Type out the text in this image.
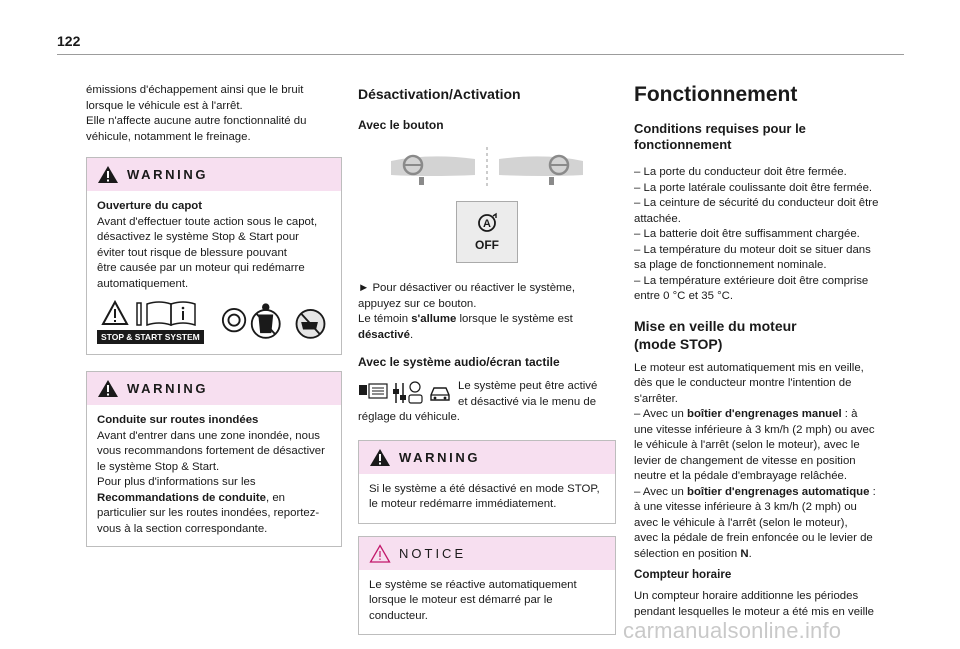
122

émissions d'échappement ainsi que le bruit
lorsque le véhicule est à l'arrêt.
Elle n'affecte aucune autre fonctionnalité du
véhicule, notamment le freinage.

WARNING

Ouverture du capot
Avant d'effectuer toute action sous le capot,
désactivez le système Stop & Start pour
éviter tout risque de blessure pouvant
être causée par un moteur qui redémarre
automatiquement.

STOP & START SYSTEM
WARNING

Conduite sur routes inondées
Avant d'entrer dans une zone inondée, nous
vous recommandons fortement de désactiver
le système Stop & Start.
Pour plus d'informations sur les
Recommandations de conduite, en
particulier sur les routes inondées, reportez-
vous à la section correspondante.

Désactivation/Activation
Avec le bouton
A
OFF

► Pour désactiver ou réactiver le système,
appuyez sur ce bouton.
Le témoin s'allume lorsque le système est
désactivé.

Avec le système audio/écran tactile

Le système peut être activé
et désactivé via le menu de

réglage du véhicule.

WARNING

Si le système a été désactivé en mode STOP,
le moteur redémarre immédiatement.

NOTICE

Le système se réactive automatiquement
lorsque le moteur est démarré par le
conducteur.

Fonctionnement
Conditions requises pour le
fonctionnement

– La porte du conducteur doit être fermée.
– La porte latérale coulissante doit être fermée.
– La ceinture de sécurité du conducteur doit être
attachée.
– La batterie doit être suffisamment chargée.
– La température du moteur doit se situer dans
sa plage de fonctionnement nominale.
– La température extérieure doit être comprise
entre 0 °C et 35 °C.

Mise en veille du moteur
(mode STOP)

Le moteur est automatiquement mis en veille,
dès que le conducteur montre l'intention de
s'arrêter.
– Avec un boîtier d'engrenages manuel : à
une vitesse inférieure à 3 km/h (2 mph) ou avec
le véhicule à l'arrêt (selon le moteur), avec le
levier de changement de vitesse en position
neutre et la pédale d'embrayage relâchée.
– Avec un boîtier d'engrenages automatique :
à une vitesse inférieure à 3 km/h (2 mph) ou
avec le véhicule à l'arrêt (selon le moteur),
avec la pédale de frein enfoncée ou le levier de
sélection en position N.

Compteur horaire

Un compteur horaire additionne les périodes
pendant lesquelles le moteur a été mis en veille

carmanualsonline.info
